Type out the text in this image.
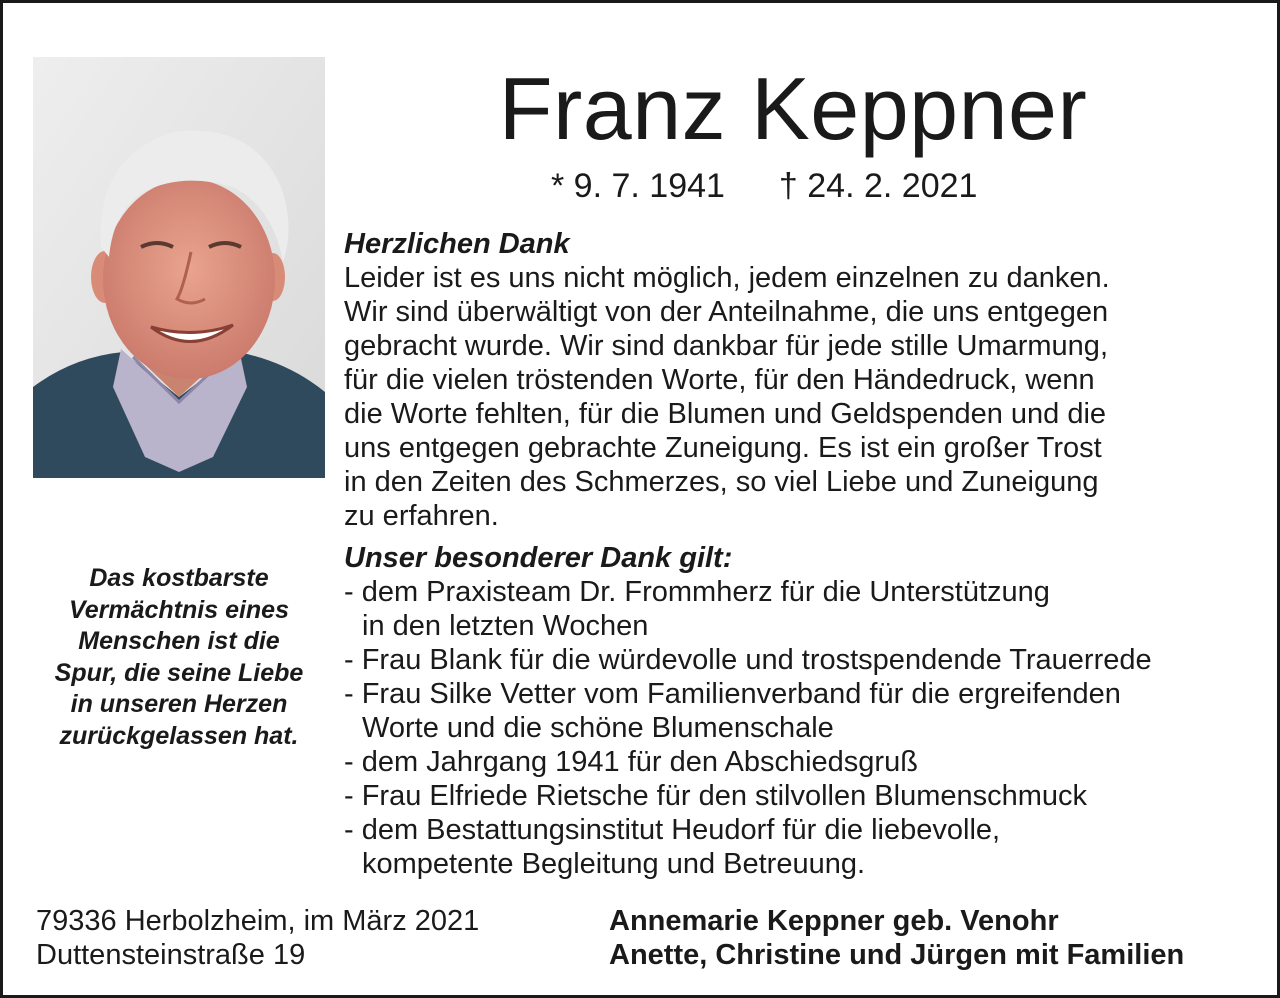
Franz Keppner
* 9. 7. 1941 † 24. 2. 2021
Herzlichen Dank
Leider ist es uns nicht möglich, jedem einzelnen zu danken.
Wir sind überwältigt von der Anteilnahme, die uns entgegen
gebracht wurde. Wir sind dankbar für jede stille Umarmung,
für die vielen tröstenden Worte, für den Händedruck, wenn
die Worte fehlten, für die Blumen und Geldspenden und die
uns entgegen gebrachte Zuneigung. Es ist ein großer Trost
in den Zeiten des Schmerzes, so viel Liebe und Zuneigung
zu erfahren.
Unser besonderer Dank gilt:
- dem Praxisteam Dr. Frommherz für die Unterstützung
in den letzten Wochen
- Frau Blank für die würdevolle und trostspendende Trauerrede
- Frau Silke Vetter vom Familienverband für die ergreifenden
Worte und die schöne Blumenschale
- dem Jahrgang 1941 für den Abschiedsgruß
- Frau Elfriede Rietsche für den stilvollen Blumenschmuck
- dem Bestattungsinstitut Heudorf für die liebevolle,
kompetente Begleitung und Betreuung.
Das kostbarste
Vermächtnis eines
Menschen ist die
Spur, die seine Liebe
in unseren Herzen
zurückgelassen hat.
79336 Herbolzheim, im März 2021
Duttensteinstraße 19
Annemarie Keppner geb. Venohr
Anette, Christine und Jürgen mit Familien
